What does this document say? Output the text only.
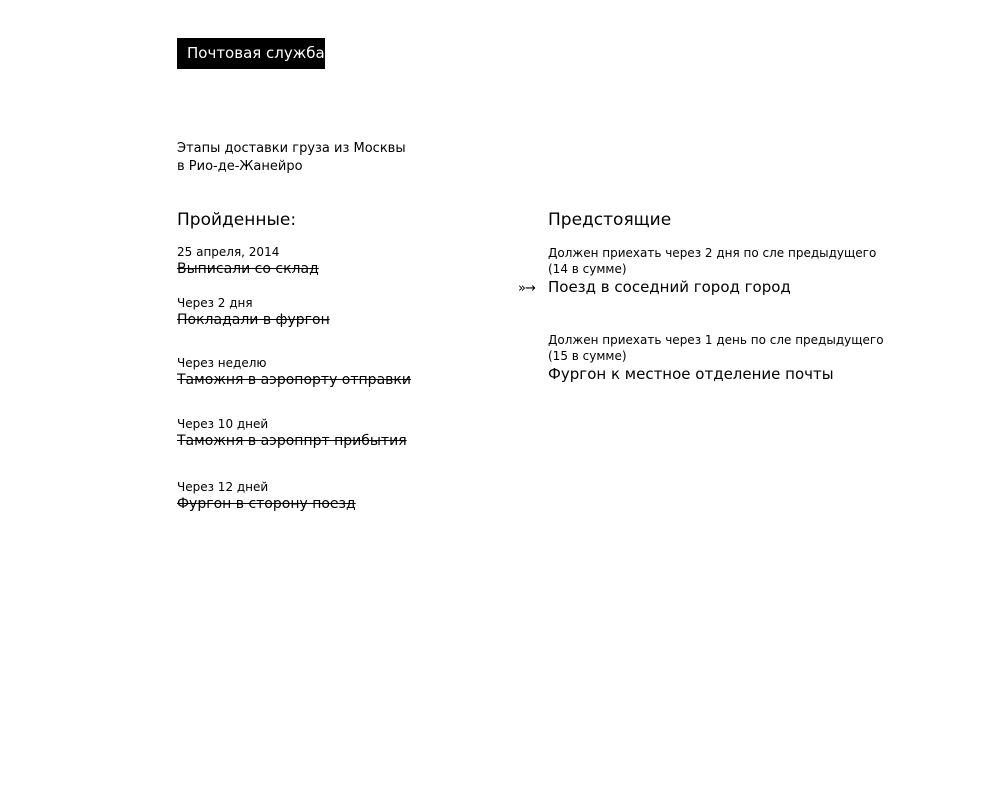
Почтовая служба
Этапы доставки груза из Москвы
в Рио-де-Жанейро
Пройденные:	Предстоящие
25 апреля, 2014
Выписали со склад
Через 2 дня
Покладали в фургон
Через неделю
Таможня в аэропорту отправки
Через 10 дней
Таможня в аэроппрт прибытия
Через 12 дней
Фургон в сторону поезд
»→
Должен приехать через 2 дня по сле предыдущего
(14 в сумме)
Поезд в соседний город город
Должен приехать через 1 день по сле предыдущего
(15 в сумме)
Фургон к местное отделение почты
